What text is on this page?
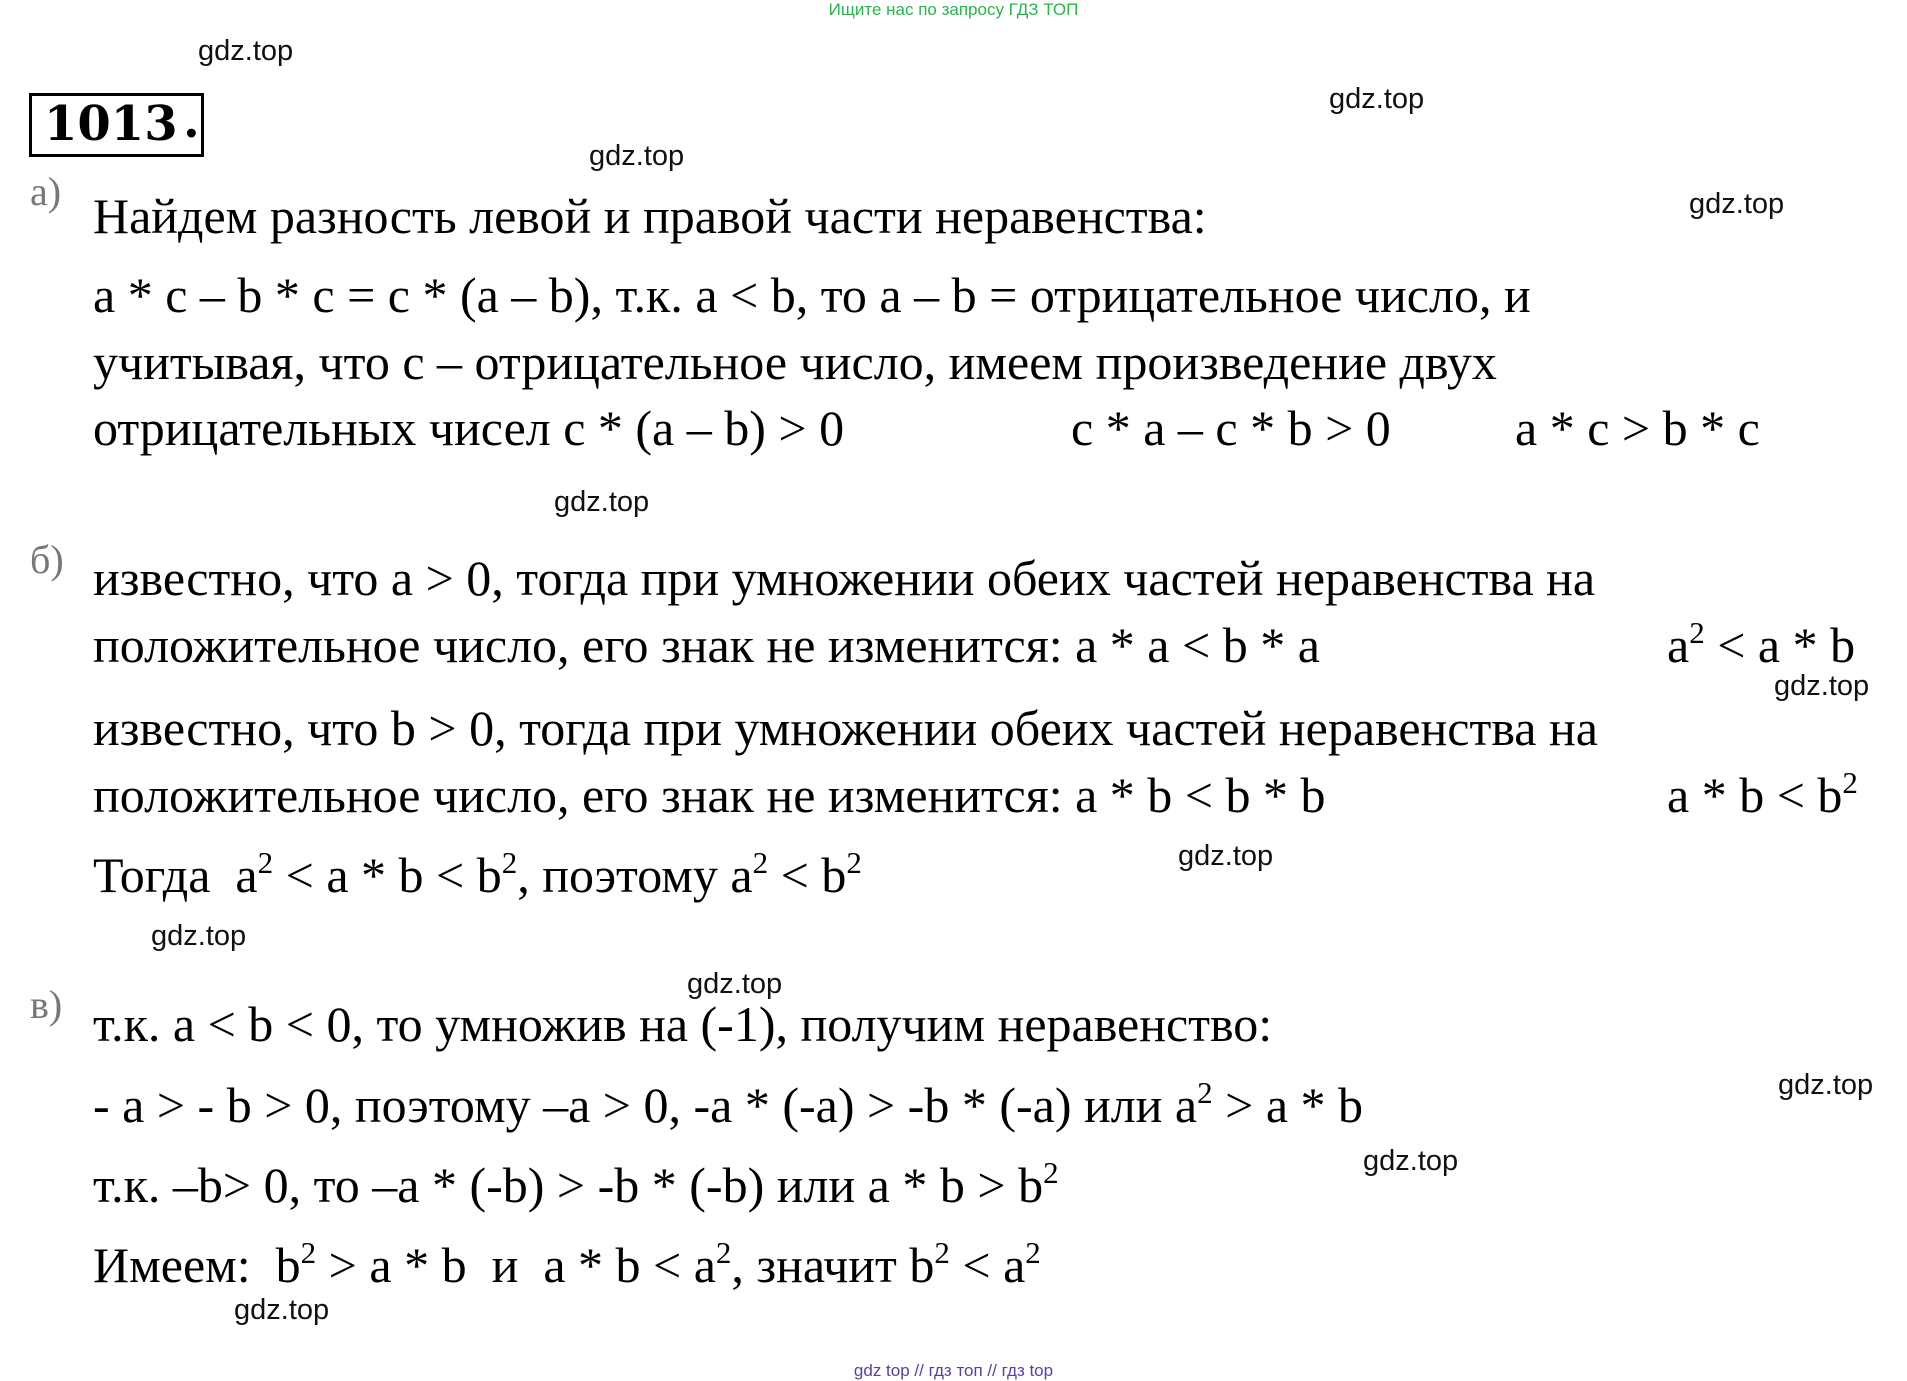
Ищите нас по запросу ГДЗ ТОП
gdz.top
gdz.top
gdz.top
gdz.top
gdz.top
gdz.top
gdz.top
gdz.top
gdz.top
gdz.top
gdz.top
gdz.top
1013 .
а) Найдем разность левой и правой части неравенства:
a * c – b * c = c * (a – b), т.к. a < b, то a – b = отрицательное число, и
учитывая, что c – отрицательное число, имеем произведение двух
отрицательных чисел c * (a – b) > 0	c * a – c * b > 0 a * c > b * c
б) известно, что a > 0, тогда при умножении обеих частей неравенства на
положительное число, его знак не изменится: a * a < b * a	$a^2 < a * b$
известно, что b > 0, тогда при умножении обеих частей неравенства на
положительное число, его знак не изменится: a * b < b * b	$a * b < b^2$
Тогда  $a^2 < a * b < b^2$, поэтому $a^2 < b^2$
в) т.к. a < b < 0, то умножив на (-1), получим неравенство:
- a > - b > 0, поэтому –a > 0, -a * (-a) > -b * (-a) или $a^2 > a * b$
т.к. –b> 0, то –a * (-b) > -b * (-b) или $a * b > b^2$
Имеем:  $b^2 > a * b$  и  $a * b < a^2$, значит $b^2 < a^2$
gdz top // гдз топ // гдз top
